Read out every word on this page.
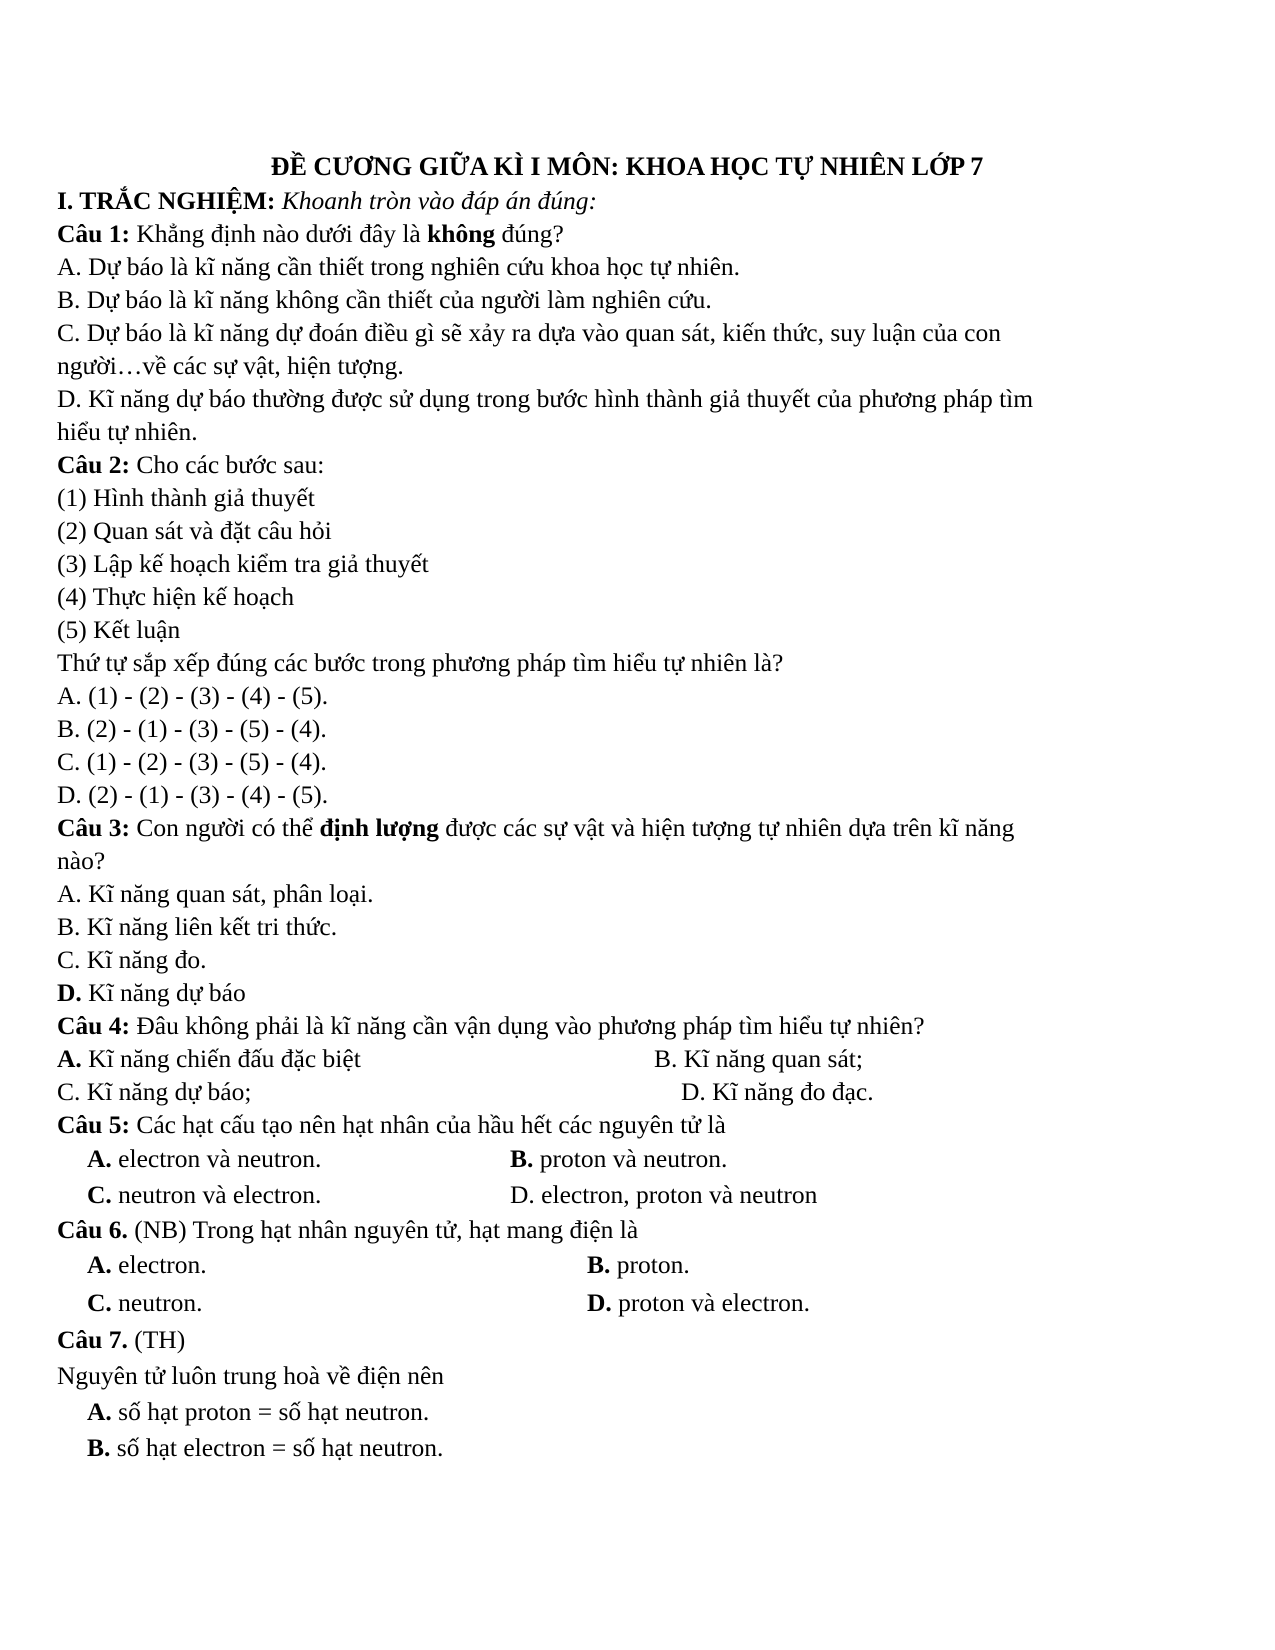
ĐỀ CƯƠNG GIỮA KÌ I MÔN: KHOA HỌC TỰ NHIÊN LỚP 7
I. TRẮC NGHIỆM: Khoanh tròn vào đáp án đúng:
Câu 1: Khẳng định nào dưới đây là không đúng?
A. Dự báo là kĩ năng cần thiết trong nghiên cứu khoa học tự nhiên.
B. Dự báo là kĩ năng không cần thiết của người làm nghiên cứu.
C. Dự báo là kĩ năng dự đoán điều gì sẽ xảy ra dựa vào quan sát, kiến thức, suy luận của con
người…về các sự vật, hiện tượng.
D. Kĩ năng dự báo thường được sử dụng trong bước hình thành giả thuyết của phương pháp tìm
hiểu tự nhiên.
Câu 2: Cho các bước sau:
(1) Hình thành giả thuyết
(2) Quan sát và đặt câu hỏi
(3) Lập kế hoạch kiểm tra giả thuyết
(4) Thực hiện kế hoạch
(5) Kết luận
Thứ tự sắp xếp đúng các bước trong phương pháp tìm hiểu tự nhiên là?
A. (1) - (2) - (3) - (4) - (5).
B. (2) - (1) - (3) - (5) - (4).
C. (1) - (2) - (3) - (5) - (4).
D. (2) - (1) - (3) - (4) - (5).
Câu 3: Con người có thể định lượng được các sự vật và hiện tượng tự nhiên dựa trên kĩ năng
nào?
A. Kĩ năng quan sát, phân loại.
B. Kĩ năng liên kết tri thức.
C. Kĩ năng đo.
D. Kĩ năng dự báo
Câu 4: Đâu không phải là kĩ năng cần vận dụng vào phương pháp tìm hiểu tự nhiên?
A. Kĩ năng chiến đấu đặc biệt	B. Kĩ năng quan sát;
C. Kĩ năng dự báo;	D. Kĩ năng đo đạc.
Câu 5: Các hạt cấu tạo nên hạt nhân của hầu hết các nguyên tử là
A. electron và neutron.	B. proton và neutron.
C. neutron và electron.	D. electron, proton và neutron
Câu 6. (NB) Trong hạt nhân nguyên tử, hạt mang điện là
A. electron.	B. proton.
C. neutron.	D. proton và electron.
Câu 7. (TH)
Nguyên tử luôn trung hoà về điện nên
A. số hạt proton = số hạt neutron.
B. số hạt electron = số hạt neutron.
